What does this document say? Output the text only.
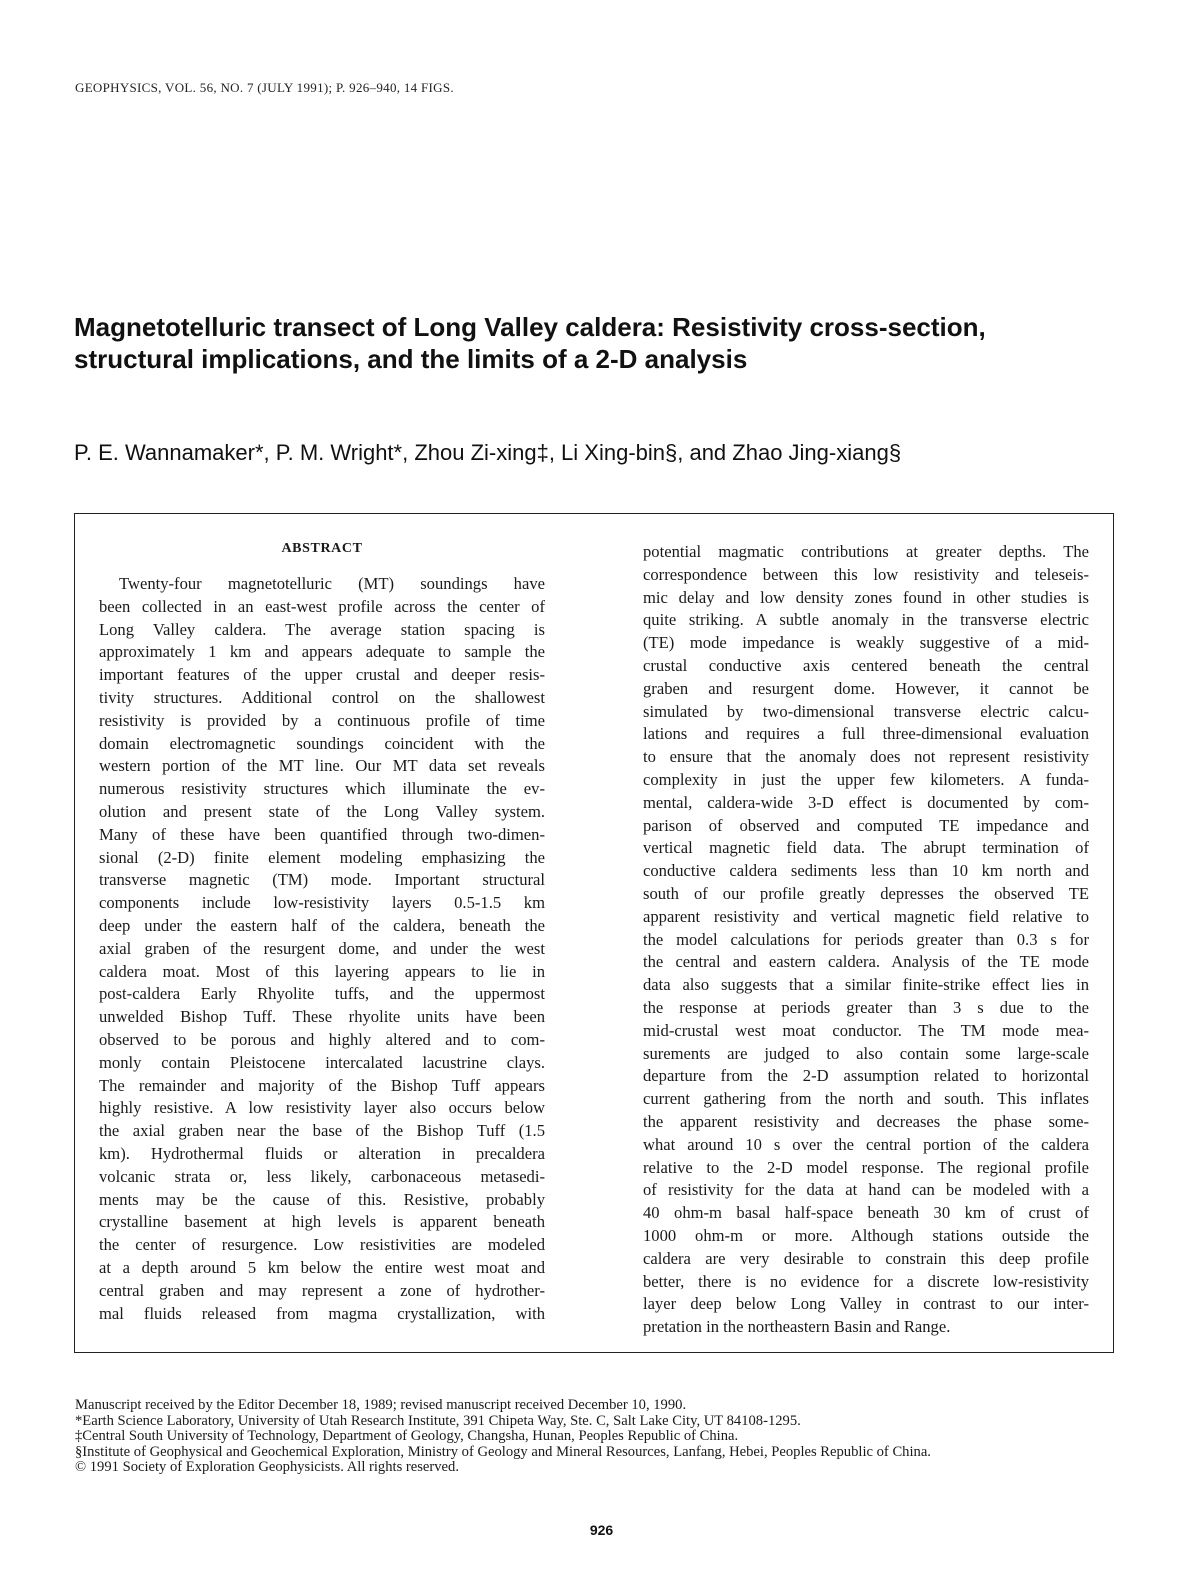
GEOPHYSICS, VOL. 56, NO. 7 (JULY 1991); P. 926–940, 14 FIGS.
Magnetotelluric transect of Long Valley caldera: Resistivity cross-section,
structural implications, and the limits of a 2-D analysis
P. E. Wannamaker*, P. M. Wright*, Zhou Zi-xing‡, Li Xing-bin§, and Zhao Jing-xiang§
ABSTRACT
Twenty-four magnetotelluric (MT) soundings have
been collected in an east-west profile across the center of
Long Valley caldera. The average station spacing is
approximately 1 km and appears adequate to sample the
important features of the upper crustal and deeper resis-
tivity structures. Additional control on the shallowest
resistivity is provided by a continuous profile of time
domain electromagnetic soundings coincident with the
western portion of the MT line. Our MT data set reveals
numerous resistivity structures which illuminate the ev-
olution and present state of the Long Valley system.
Many of these have been quantified through two-dimen-
sional (2-D) finite element modeling emphasizing the
transverse magnetic (TM) mode. Important structural
components include low-resistivity layers 0.5-1.5 km
deep under the eastern half of the caldera, beneath the
axial graben of the resurgent dome, and under the west
caldera moat. Most of this layering appears to lie in
post-caldera Early Rhyolite tuffs, and the uppermost
unwelded Bishop Tuff. These rhyolite units have been
observed to be porous and highly altered and to com-
monly contain Pleistocene intercalated lacustrine clays.
The remainder and majority of the Bishop Tuff appears
highly resistive. A low resistivity layer also occurs below
the axial graben near the base of the Bishop Tuff (1.5
km). Hydrothermal fluids or alteration in precaldera
volcanic strata or, less likely, carbonaceous metasedi-
ments may be the cause of this. Resistive, probably
crystalline basement at high levels is apparent beneath
the center of resurgence. Low resistivities are modeled
at a depth around 5 km below the entire west moat and
central graben and may represent a zone of hydrother-
mal fluids released from magma crystallization, with
potential magmatic contributions at greater depths. The
correspondence between this low resistivity and teleseis-
mic delay and low density zones found in other studies is
quite striking. A subtle anomaly in the transverse electric
(TE) mode impedance is weakly suggestive of a mid-
crustal conductive axis centered beneath the central
graben and resurgent dome. However, it cannot be
simulated by two-dimensional transverse electric calcu-
lations and requires a full three-dimensional evaluation
to ensure that the anomaly does not represent resistivity
complexity in just the upper few kilometers. A funda-
mental, caldera-wide 3-D effect is documented by com-
parison of observed and computed TE impedance and
vertical magnetic field data. The abrupt termination of
conductive caldera sediments less than 10 km north and
south of our profile greatly depresses the observed TE
apparent resistivity and vertical magnetic field relative to
the model calculations for periods greater than 0.3 s for
the central and eastern caldera. Analysis of the TE mode
data also suggests that a similar finite-strike effect lies in
the response at periods greater than 3 s due to the
mid-crustal west moat conductor. The TM mode mea-
surements are judged to also contain some large-scale
departure from the 2-D assumption related to horizontal
current gathering from the north and south. This inflates
the apparent resistivity and decreases the phase some-
what around 10 s over the central portion of the caldera
relative to the 2-D model response. The regional profile
of resistivity for the data at hand can be modeled with a
40 ohm-m basal half-space beneath 30 km of crust of
1000 ohm-m or more. Although stations outside the
caldera are very desirable to constrain this deep profile
better, there is no evidence for a discrete low-resistivity
layer deep below Long Valley in contrast to our inter-
pretation in the northeastern Basin and Range.
Manuscript received by the Editor December 18, 1989; revised manuscript received December 10, 1990.
*Earth Science Laboratory, University of Utah Research Institute, 391 Chipeta Way, Ste. C, Salt Lake City, UT 84108-1295.
‡Central South University of Technology, Department of Geology, Changsha, Hunan, Peoples Republic of China.
§Institute of Geophysical and Geochemical Exploration, Ministry of Geology and Mineral Resources, Lanfang, Hebei, Peoples Republic of China.
© 1991 Society of Exploration Geophysicists. All rights reserved.
926
